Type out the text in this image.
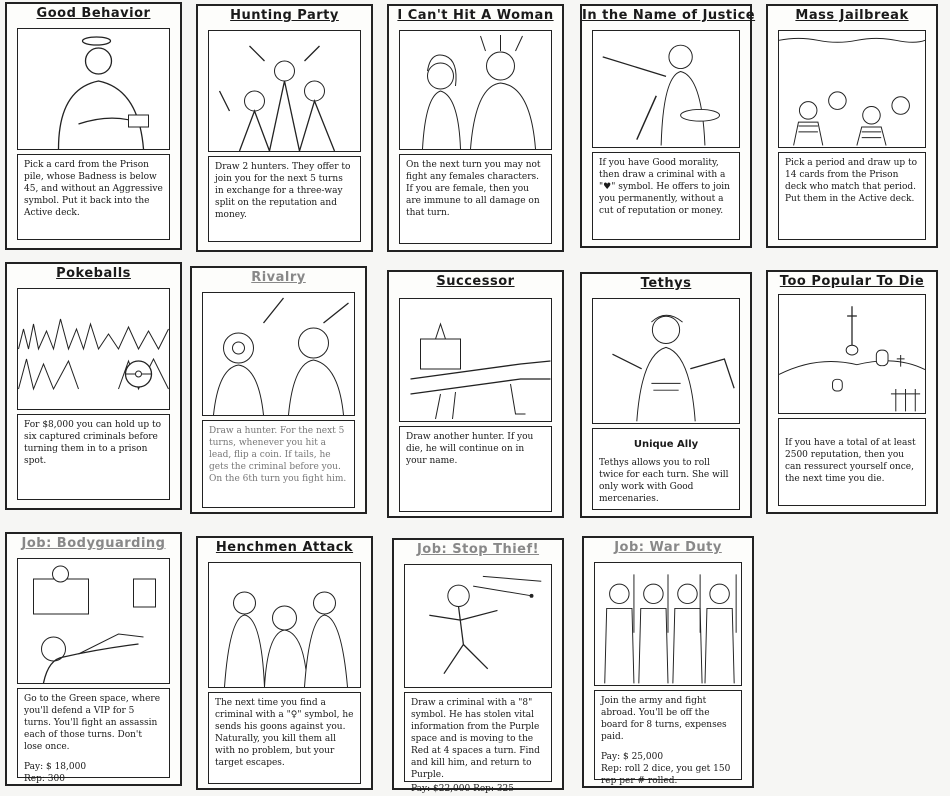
Good Behavior
Pick a card from the Prison pile, whose Badness is below 45, and without an Aggressive symbol. Put it back into the Active deck.
Hunting Party
Draw 2 hunters. They offer to join you for the next 5 turns in exchange for a three-way split on the reputation and money.
I Can't Hit A Woman
On the next turn you may not fight any females characters. If you are female, then you are immune to all damage on that turn.
In the Name of Justice
If you have Good morality, then draw a criminal with a "♥" symbol. He offers to join you permanently, without a cut of reputation or money.
Mass Jailbreak
Pick a period and draw up to 14 cards from the Prison deck who match that period. Put them in the Active deck.
Pokeballs
For $8,000 you can hold up to six captured criminals before turning them in to a prison spot.
Rivalry
Draw a hunter. For the next 5 turns, whenever you hit a lead, flip a coin. If tails, he gets the criminal before you. On the 6th turn you fight him.
Successor
Draw another hunter. If you die, he will continue on in your name.
Tethys
Unique Ally
Tethys allows you to roll twice for each turn. She will only work with Good mercenaries.
Too Popular To Die
If you have a total of at least 2500 reputation, then you can ressurect yourself once, the next time you die.
Job: Bodyguarding
Go to the Green space, where you'll defend a VIP for 5 turns. You'll fight an assassin each of those turns. Don't lose once.
Pay: $ 18,000
Rep: 300
Henchmen Attack
The next time you find a criminal with a "♀" symbol, he sends his goons against you. Naturally, you kill them all with no problem, but your target escapes.
Job: Stop Thief!
Draw a criminal with a "8" symbol. He has stolen vital information from the Purple space and is moving to the Red at 4 spaces a turn. Find and kill him, and return to Purple.
Pay: $22,000 Rep: 325
Job: War Duty
Join the army and fight abroad. You'll be off the board for 8 turns, expenses paid.
Pay: $ 25,000
Rep: roll 2 dice, you get 150 rep per # rolled.
